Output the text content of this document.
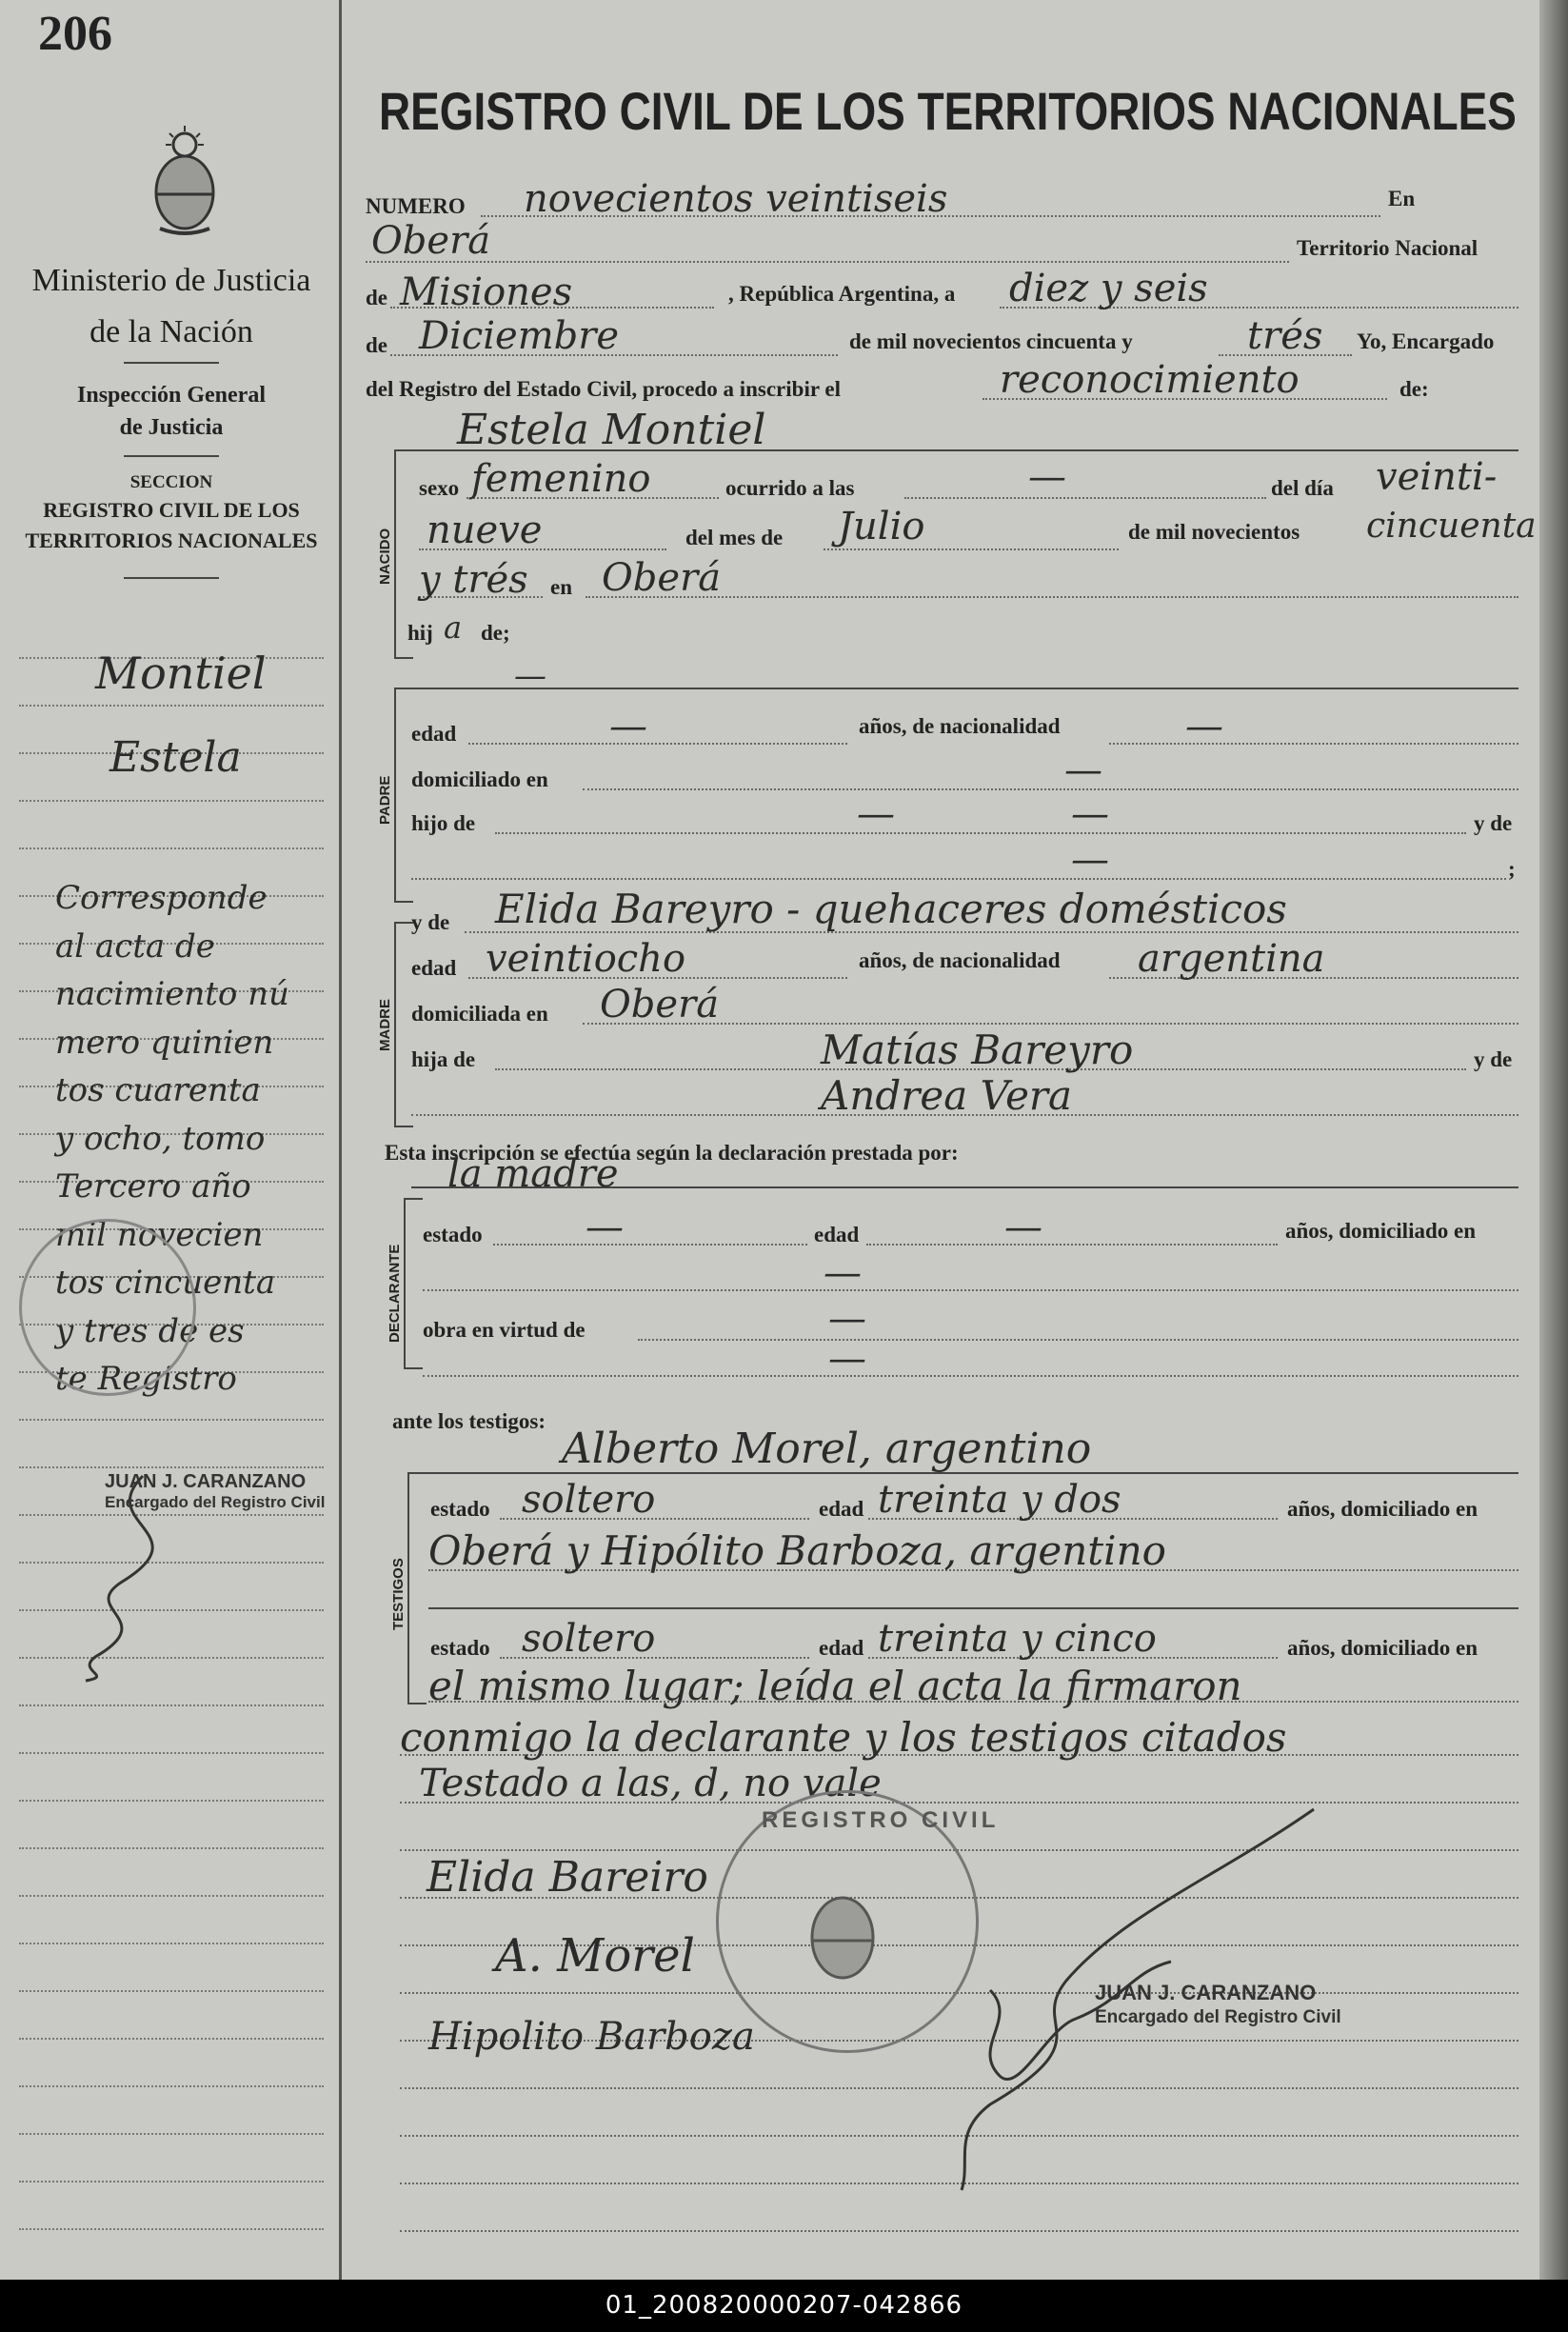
206
Ministerio de Justicia
de la Nación
Inspección General
de Justicia
SECCION
REGISTRO CIVIL DE LOS
TERRITORIOS NACIONALES
Montiel
Estela
Corresponde
al acta de
nacimiento nú
mero quinien
tos cuarenta
y ocho, tomo
Tercero año
mil novecien
tos cincuenta
y tres de es
te Registro
JUAN J. CARANZANO
Encargado del Registro Civil
REGISTRO CIVIL DE LOS TERRITORIOS NACIONALES
NUMERO novecientos veintiseis	En
Oberá	Territorio Nacional
de Misiones	, República Argentina, a diez y seis
de Diciembre	de mil novecientos cincuenta y	trés Yo, Encargado
del Registro del Estado Civil, procedo a inscribir el	reconocimiento	de:
Estela Montiel
NACIDO
sexo femenino	ocurrido a las	—	del día veinti-
nueve	del mes de Julio	de mil novecientos cincuenta
y trés en Oberá
hij a de;
—
PADRE
edad	—	años, de nacionalidad	—
domiciliado en	—
hijo de	—	—	y de
—	;
MADRE
y de Elida Bareyro - quehaceres domésticos
edad veintiocho	años, de nacionalidad argentina
domiciliada en Oberá
hija de	Matías Bareyro	y de
Andrea Vera
Esta inscripción se efectúa según la declaración prestada por:
la madre
DECLARANTE
estado	—	edad	—	años, domiciliado en
—
obra en virtud de	—
—
ante los testigos:
Alberto Morel, argentino
TESTIGOS
estado soltero	edad treinta y dos	años, domiciliado en
Oberá y Hipólito Barboza, argentino
estado soltero	edad treinta y cinco	años, domiciliado en
el mismo lugar; leída el acta la firmaron
conmigo la declarante y los testigos citados
Testado a las, d, no vale
Elida Bareiro
A. Morel
Hipolito Barboza
REGISTRO CIVIL
JUAN J. CARANZANO
Encargado del Registro Civil
01_200820000207-042866
